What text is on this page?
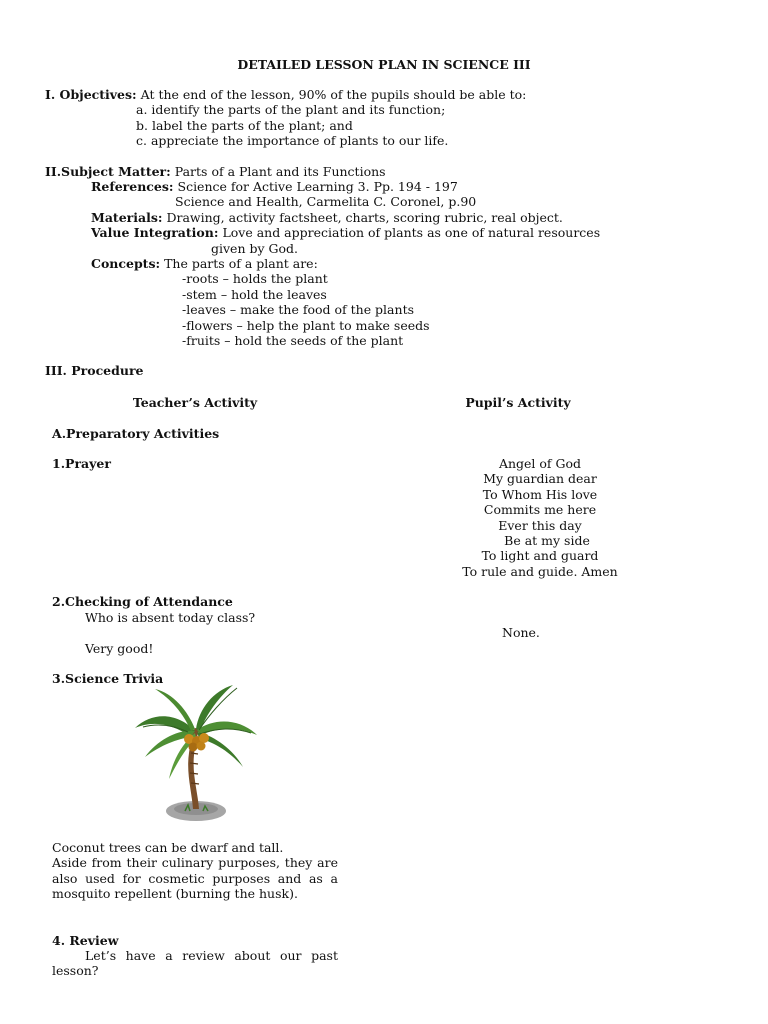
DETAILED LESSON PLAN IN SCIENCE III
I. Objectives: At the end of the lesson, 90% of the pupils should be able to:
a. identify the parts of the plant and its function;
b. label the parts of the plant; and
c. appreciate the importance of plants to our life.
II.Subject Matter: Parts of a Plant and its Functions
References: Science for Active Learning 3. Pp. 194 - 197
Science and Health, Carmelita C. Coronel, p.90
Materials: Drawing, activity factsheet, charts, scoring rubric, real object.
Value Integration: Love and appreciation of plants as one of natural resources
given by God.
Concepts: The parts of a plant are:
-roots – holds the plant
-stem – hold the leaves
-leaves – make the food of the plants
-flowers – help the plant to make seeds
-fruits – hold the seeds of the plant
III. Procedure
Teacher’s Activity	Pupil’s Activity
A.Preparatory Activities
1.Prayer	Angel of God
My guardian dear
To Whom His love
Commits me here
Ever this day
Be at my side
To light and guard
To rule and guide. Amen
2.Checking of Attendance
Who is absent today class?
None.
Very good!
3.Science Trivia
Coconut trees can be dwarf and tall.
Aside from their culinary purposes, they are
also used for cosmetic purposes and as a
mosquito repellent (burning the husk).
4. Review
Let’s have a review about our past
lesson?
